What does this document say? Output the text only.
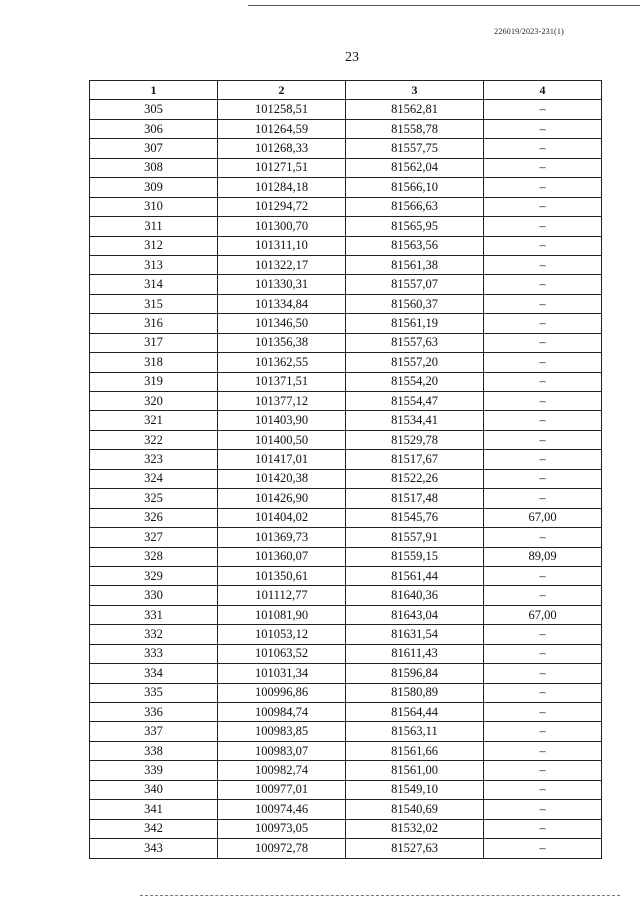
226019/2023-231(1)
23
1	2	3	4
305	101258,51	81562,81	–
306	101264,59	81558,78	–
307	101268,33	81557,75	–
308	101271,51	81562,04	–
309	101284,18	81566,10	–
310	101294,72	81566,63	–
311	101300,70	81565,95	–
312	101311,10	81563,56	–
313	101322,17	81561,38	–
314	101330,31	81557,07	–
315	101334,84	81560,37	–
316	101346,50	81561,19	–
317	101356,38	81557,63	–
318	101362,55	81557,20	–
319	101371,51	81554,20	–
320	101377,12	81554,47	–
321	101403,90	81534,41	–
322	101400,50	81529,78	–
323	101417,01	81517,67	–
324	101420,38	81522,26	–
325	101426,90	81517,48	–
326	101404,02	81545,76	67,00
327	101369,73	81557,91	–
328	101360,07	81559,15	89,09
329	101350,61	81561,44	–
330	101112,77	81640,36	–
331	101081,90	81643,04	67,00
332	101053,12	81631,54	–
333	101063,52	81611,43	–
334	101031,34	81596,84	–
335	100996,86	81580,89	–
336	100984,74	81564,44	–
337	100983,85	81563,11	–
338	100983,07	81561,66	–
339	100982,74	81561,00	–
340	100977,01	81549,10	–
341	100974,46	81540,69	–
342	100973,05	81532,02	–
343	100972,78	81527,63	–
